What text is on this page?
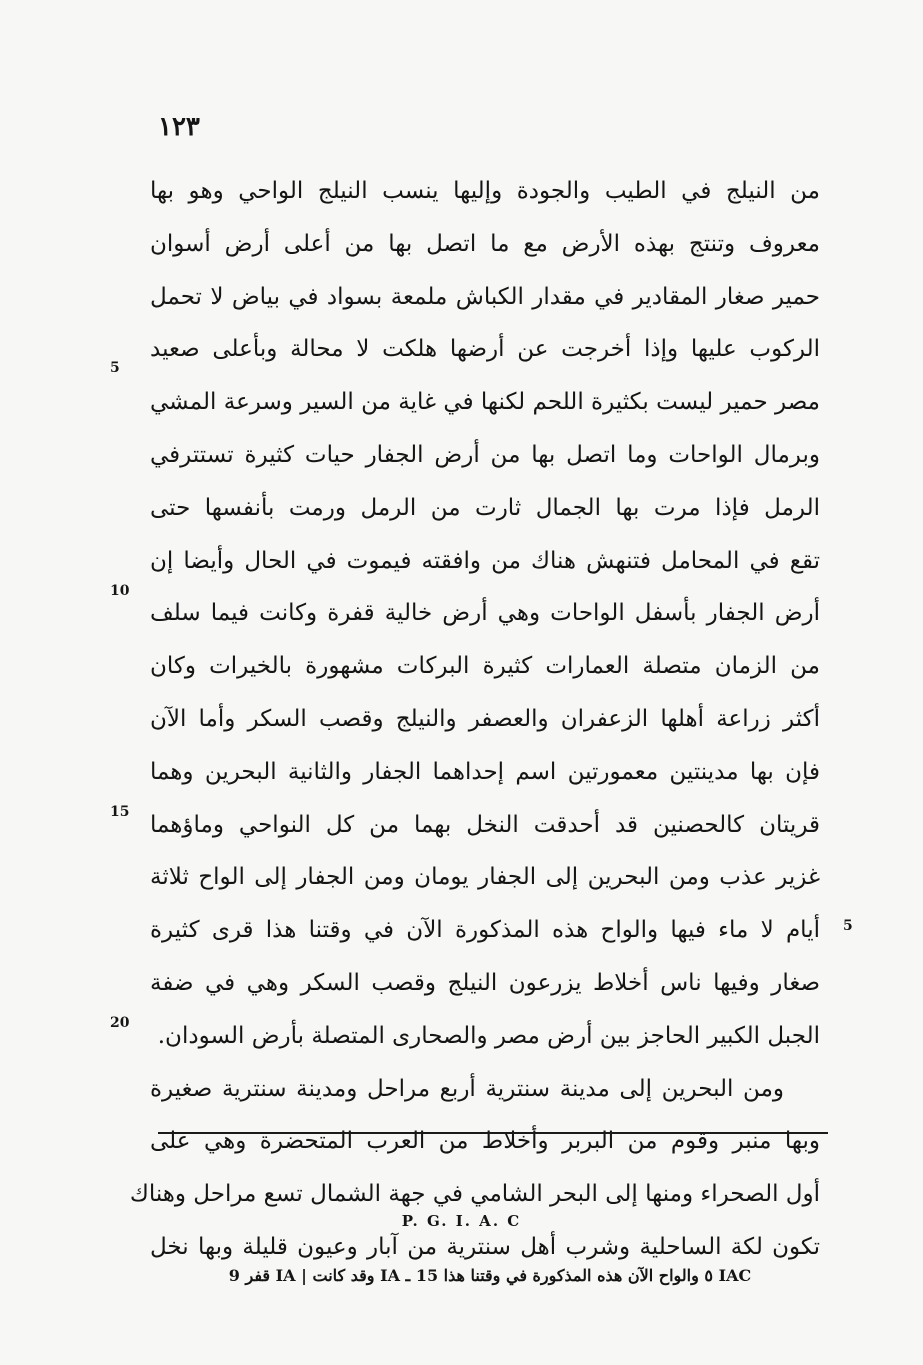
١٢٣
من النيلج في الطيب والجودة وإليها ينسب النيلج الواحي وهو بها
معروف وتنتج بهذه الأرض مع ما اتصل بها من أعلى أرض أسوان
حمير صغار المقادير في مقدار الكباش ملمعة بسواد في بياض لا تحمل
الركوب عليها وإذا أخرجت عن أرضها هلكت لا محالة وبأعلى صعيد
مصر حمير ليست بكثيرة اللحم لكنها في غاية من السير وسرعة المشي
وبرمال الواحات وما اتصل بها من أرض الجفار حيات كثيرة تستترفي
الرمل فإذا مرت بها الجمال ثارت من الرمل ورمت بأنفسها حتى
تقع في المحامل فتنهش هناك من وافقته فيموت في الحال وأيضا إن
أرض الجفار بأسفل الواحات وهي أرض خالية قفرة وكانت فيما سلف
من الزمان متصلة العمارات كثيرة البركات مشهورة بالخيرات وكان
أكثر زراعة أهلها الزعفران والعصفر والنيلج وقصب السكر وأما الآن
فإن بها مدينتين معمورتين اسم إحداهما الجفار والثانية البحرين وهما
قريتان كالحصنين قد أحدقت النخل بهما من كل النواحي وماؤهما
غزير عذب ومن البحرين إلى الجفار يومان ومن الجفار إلى الواح ثلاثة
أيام لا ماء فيها والواح هذه المذكورة الآن في وقتنا هذا قرى كثيرة
صغار وفيها ناس أخلاط يزرعون النيلج وقصب السكر وهي في ضفة
الجبل الكبير الحاجز بين أرض مصر والصحارى المتصلة بأرض السودان.
ومن البحرين إلى مدينة سنترية أربع مراحل ومدينة سنترية صغيرة
وبها منبر وقوم من البربر وأخلاط من العرب المتحضرة وهي على
أول الصحراء ومنها إلى البحر الشامي في جهة الشمال تسع مراحل وهناك
تكون لكة الساحلية وشرب أهل سنترية من آبار وعيون قليلة وبها نخل
5
10
15
20
5
P. G. I. A. C
IAC ٥ والواح الآن هذه المذكورة في وقتنا هذا 15 ـ IA وقد كانت | IA قفر 9
